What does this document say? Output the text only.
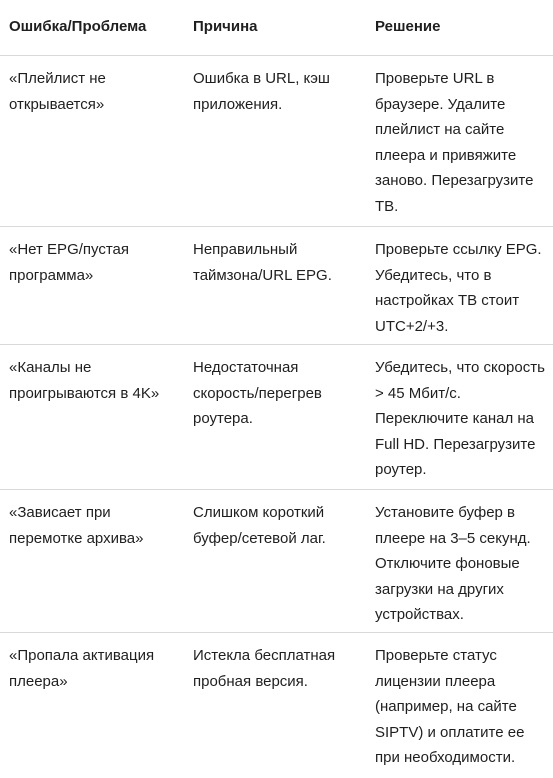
Ошибка/Проблема	Причина	Решение
«Плейлист не открывается»
Ошибка в URL, кэш приложения.
Проверьте URL в браузере. Удалите плейлист на сайте плеера и привяжите заново. Перезагрузите ТВ.
«Нет EPG/пустая программа»
Неправильный таймзона/URL EPG.
Проверьте ссылку EPG. Убедитесь, что в настройках ТВ стоит UTC+2/+3.
«Каналы не проигрываются в 4K»
Недостаточная скорость/перегрев роутера.
Убедитесь, что скорость > 45 Мбит/с. Переключите канал на Full HD. Перезагрузите роутер.
«Зависает при перемотке архива»
Слишком короткий буфер/сетевой лаг.
Установите буфер в плеере на 3–5 секунд. Отключите фоновые загрузки на других устройствах.
«Пропала активация плеера»
Истекла бесплатная пробная версия.
Проверьте статус лицензии плеера (например, на сайте SIPTV) и оплатите ее при необходимости.
